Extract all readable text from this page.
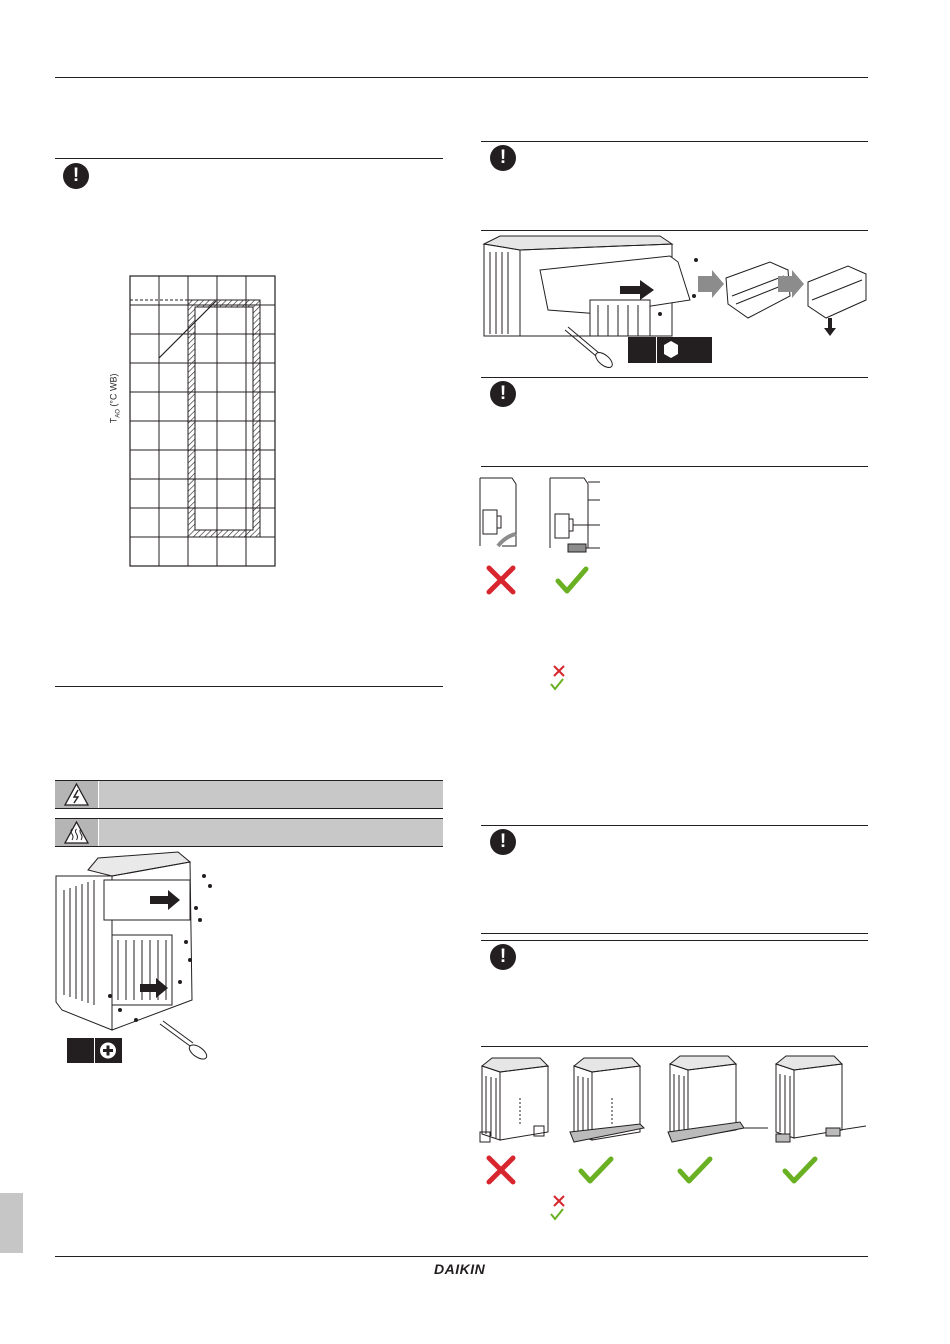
!
$T_{AO}$ (°C WB)
!
!
!
!
DAIKIN
